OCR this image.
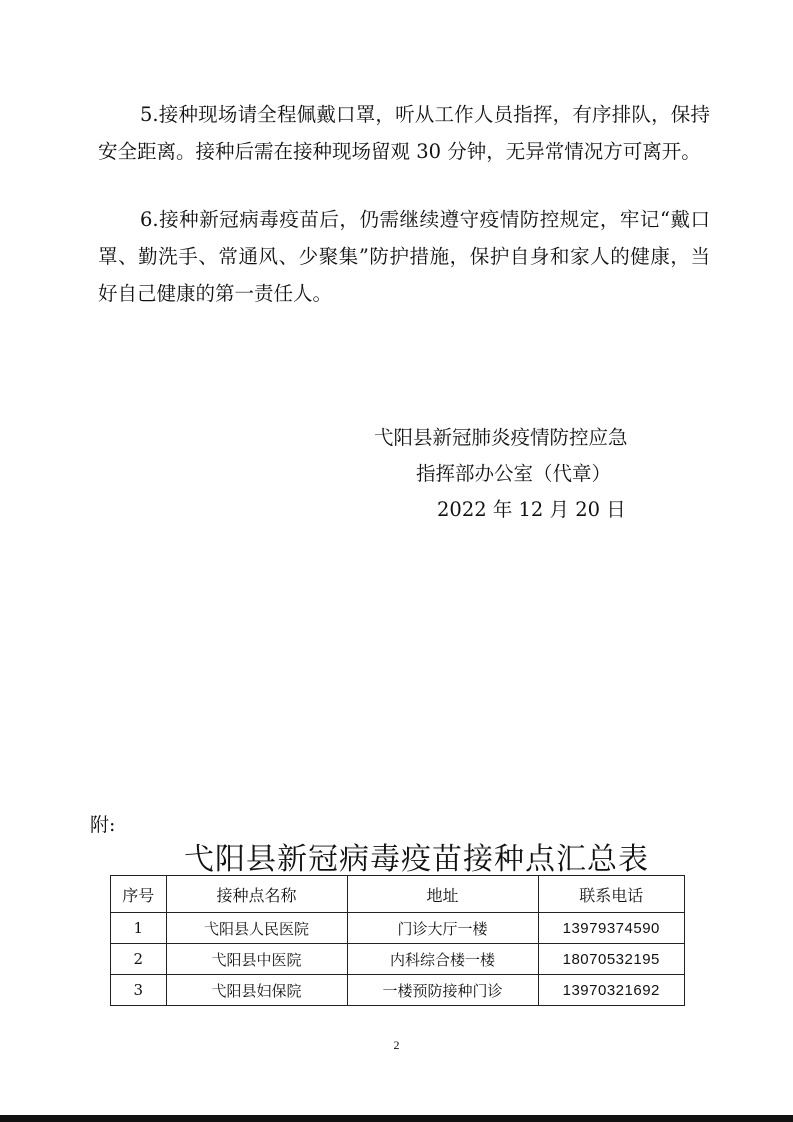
5.接种现场请全程佩戴口罩，听从工作人员指挥，有序排队，保持安全距离。接种后需在接种现场留观 30 分钟，无异常情况方可离开。

6.接种新冠病毒疫苗后，仍需继续遵守疫情防控规定，牢记“戴口罩、勤洗手、常通风、少聚集”防护措施，保护自身和家人的健康，当好自己健康的第一责任人。

弋阳县新冠肺炎疫情防控应急
指挥部办公室（代章）
2022 年 12 月 20 日
附:
弋阳县新冠病毒疫苗接种点汇总表
序号	接种点名称	地址	联系电话
1	弋阳县人民医院	门诊大厅一楼	13979374590
2	弋阳县中医院	内科综合楼一楼	18070532195
3	弋阳县妇保院	一楼预防接种门诊	13970321692
2
